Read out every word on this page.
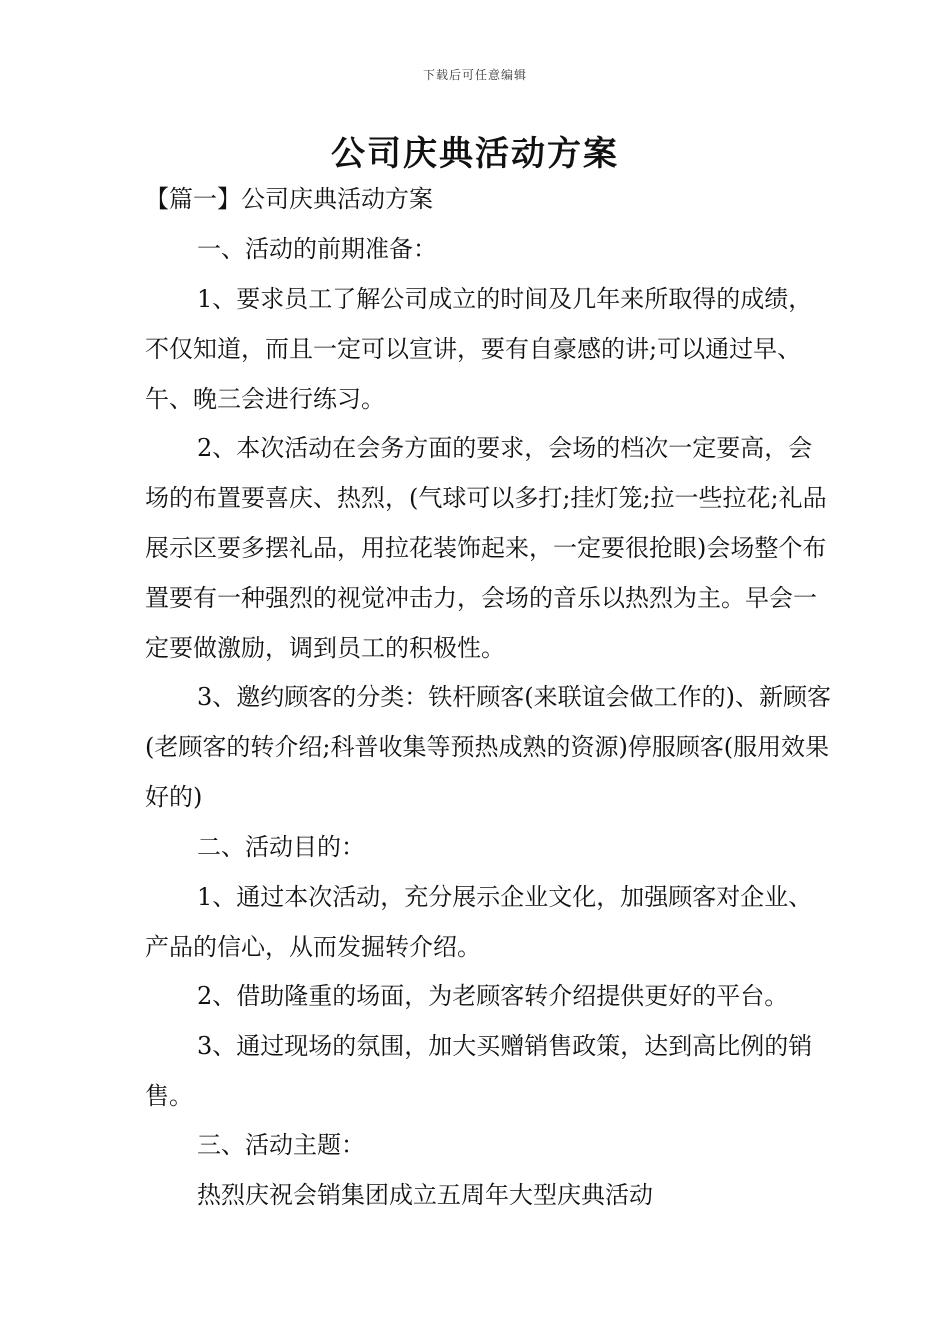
下载后可任意编辑
公司庆典活动方案

【篇一】公司庆典活动方案

一、活动的前期准备：

1、要求员工了解公司成立的时间及几年来所取得的成绩，不仅知道，而且一定可以宣讲，要有自豪感的讲;可以通过早、午、晚三会进行练习。

2、本次活动在会务方面的要求，会场的档次一定要高，会场的布置要喜庆、热烈，(气球可以多打;挂灯笼;拉一些拉花;礼品展示区要多摆礼品，用拉花装饰起来，一定要很抢眼)会场整个布置要有一种强烈的视觉冲击力，会场的音乐以热烈为主。早会一定要做激励，调到员工的积极性。

3、邀约顾客的分类：铁杆顾客(来联谊会做工作的)、新顾客(老顾客的转介绍;科普收集等预热成熟的资源)停服顾客(服用效果好的)

二、活动目的：

1、通过本次活动，充分展示企业文化，加强顾客对企业、产品的信心，从而发掘转介绍。

2、借助隆重的场面，为老顾客转介绍提供更好的平台。

3、通过现场的氛围，加大买赠销售政策，达到高比例的销售。

三、活动主题：

热烈庆祝会销集团成立五周年大型庆典活动
